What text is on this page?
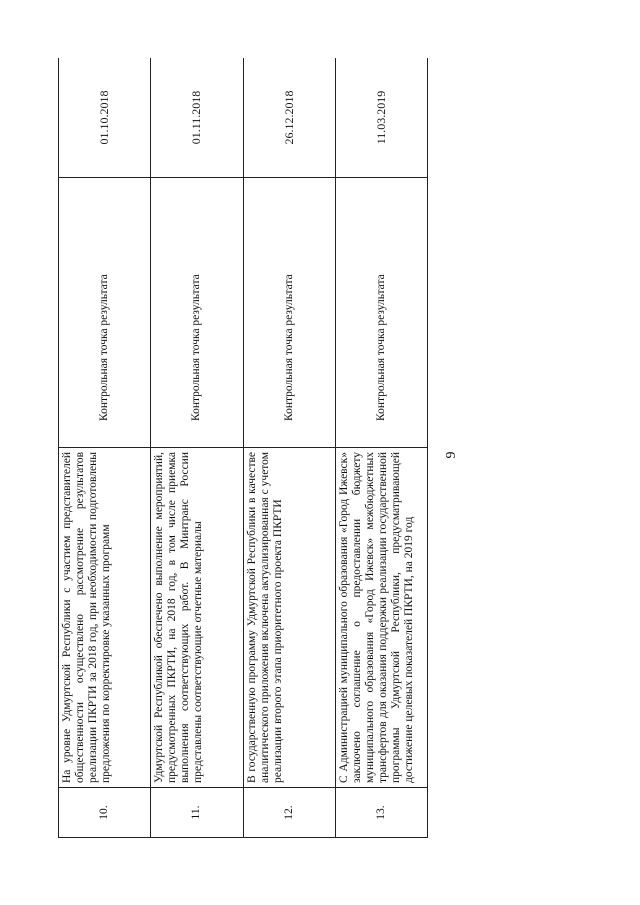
9
10.	На уровне Удмуртской Республики с участием представителей общественности осуществлено рассмотрение результатов реализации ПКРТИ за 2018 год, при необходимости подготовлены предложения по корректировке указанных программ	Контрольная точка результата	01.10.2018
11.	Удмуртской Республикой обеспечено выполнение мероприятий, предусмотренных ПКРТИ, на 2018 год, в том числе приемка выполнения соответствующих работ. В Минтранс России представлены соответствующие отчетные материалы	Контрольная точка результата	01.11.2018
12.	В государственную программу Удмуртской Республики в качестве аналитического приложения включена актуализированная с учетом реализации второго этапа приоритетного проекта ПКРТИ	Контрольная точка результата	26.12.2018
13.	С Администрацией муниципального образования «Город Ижевск» заключено соглашение о предоставлении бюджету муниципального образования «Город Ижевск» межбюджетных трансфертов для оказания поддержки реализации государственной программы Удмуртской Республики, предусматривающей достижение целевых показателей ПКРТИ, на 2019 год	Контрольная точка результата	11.03.2019
